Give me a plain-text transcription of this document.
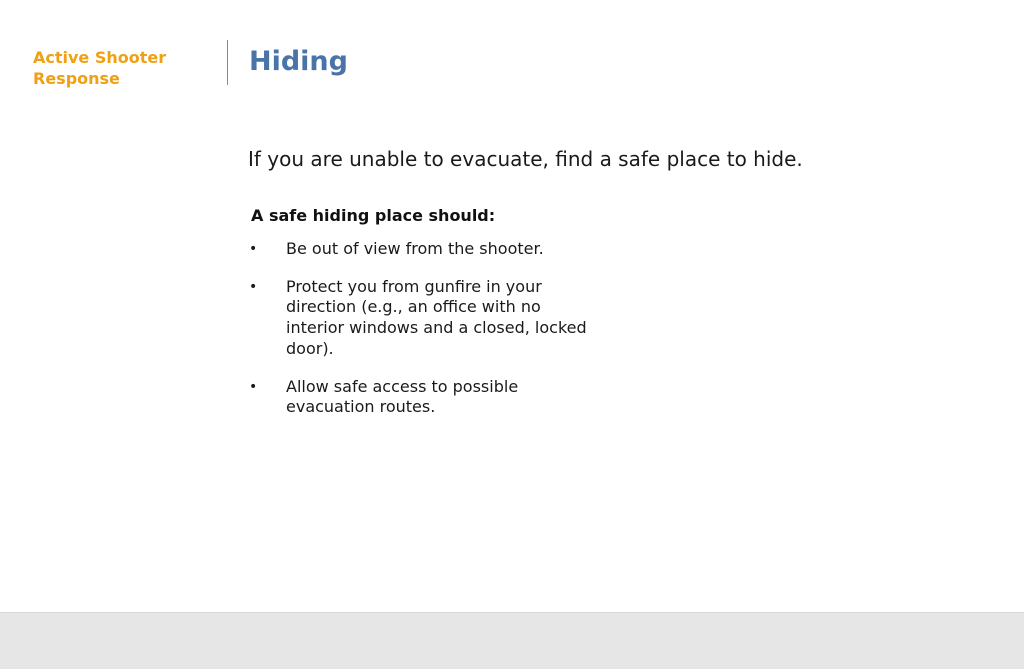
Active Shooter
Response
Hiding

If you are unable to evacuate, find a safe place to hide.

A safe hiding place should:

• Be out of view from the shooter.
• Protect you from gunfire in your
direction (e.g., an office with no
interior windows and a closed, locked
door).
• Allow safe access to possible
evacuation routes.
